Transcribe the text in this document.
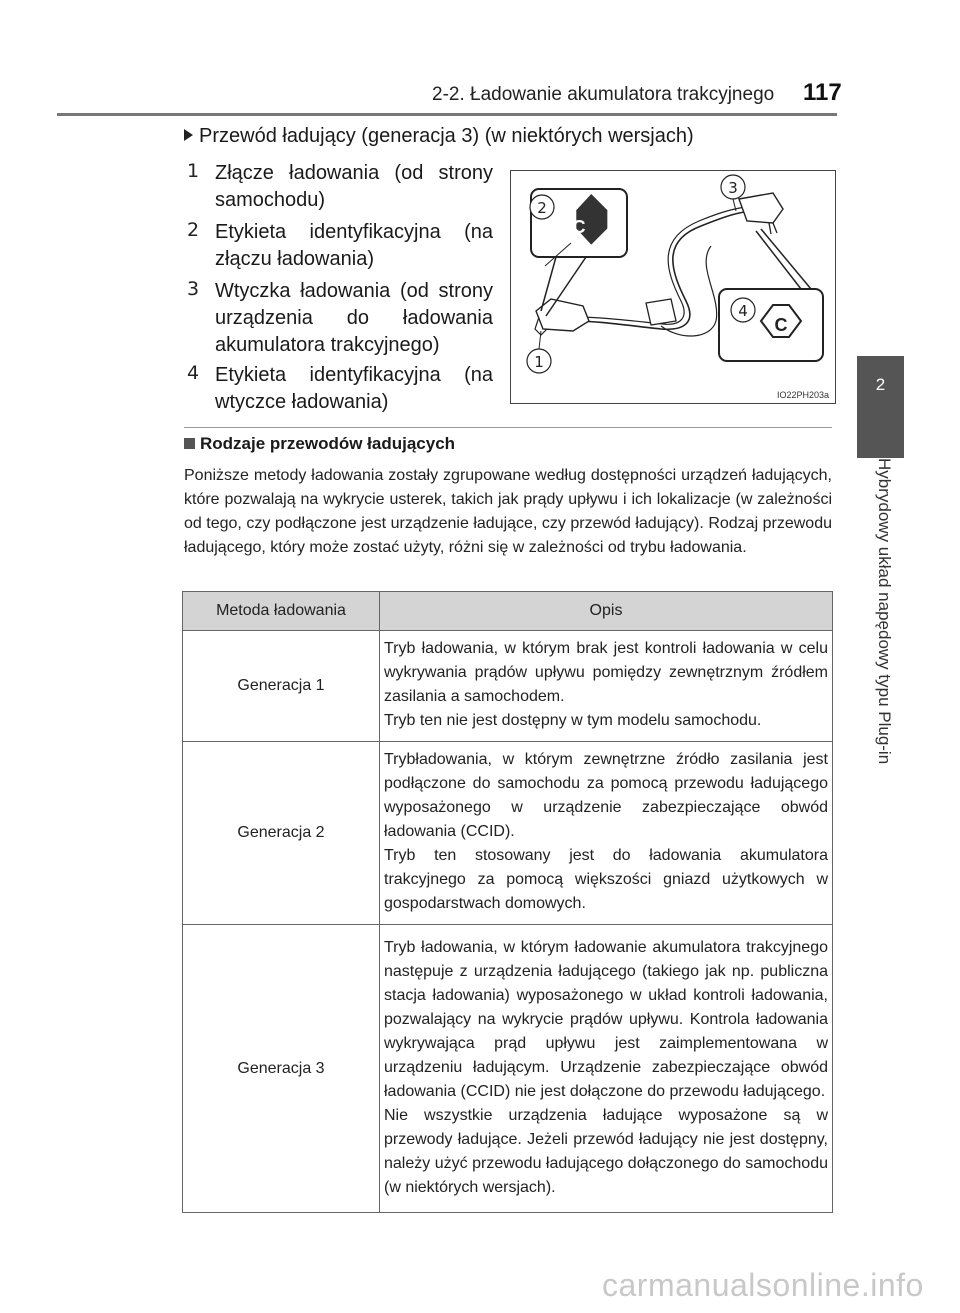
2-2. Ładowanie akumulatora trakcyjnego 117
2
Hybrydowy układ napędowy typu Plug-in
Przewód ładujący (generacja 3) (w niektórych wersjach)
1 Złącze ładowania (od strony samochodu)
2 Etykieta identyfikacyjna (na złączu ładowania)
3 Wtyczka ładowania (od strony urządzenia do ładowania akumulatora trakcyjnego)
4 Etykieta identyfikacyjna (na wtyczce ładowania)
C
C
2
3
4
1
IO22PH203a
Rodzaje przewodów ładujących
Poniższe metody ładowania zostały zgrupowane według dostępności urządzeń ładujących, które pozwalają na wykrycie usterek, takich jak prądy upływu i ich lokalizacje (w zależności od tego, czy podłączone jest urządzenie ładujące, czy przewód ładujący). Rodzaj przewodu ładującego, który może zostać użyty, różni się w zależności od trybu ładowania.
Metoda ładowania	Opis
Generacja 1	Tryb ładowania, w którym brak jest kontroli ładowania w celu wykrywania prądów upływu pomiędzy zewnętrznym źródłem zasilania a samochodem.
Tryb ten nie jest dostępny w tym modelu samochodu.
Generacja 2	Trybładowania, w którym zewnętrzne źródło zasilania jest podłączone do samochodu za pomocą przewodu ładującego wyposażonego w urządzenie zabezpieczające obwód ładowania (CCID).
Tryb ten stosowany jest do ładowania akumulatora trakcyjnego za pomocą większości gniazd użytkowych w gospodarstwach domowych.
Generacja 3	Tryb ładowania, w którym ładowanie akumulatora trakcyjnego następuje z urządzenia ładującego (takiego jak np. publiczna stacja ładowania) wyposażonego w układ kontroli ładowania, pozwalający na wykrycie prądów upływu. Kontrola ładowania wykrywająca prąd upływu jest zaimplementowana w urządzeniu ładującym. Urządzenie zabezpieczające obwód ładowania (CCID) nie jest dołączone do przewodu ładującego.
Nie wszystkie urządzenia ładujące wyposażone są w przewody ładujące. Jeżeli przewód ładujący nie jest dostępny, należy użyć przewodu ładującego dołączonego do samochodu (w niektórych wersjach).
carmanualsonline.info
